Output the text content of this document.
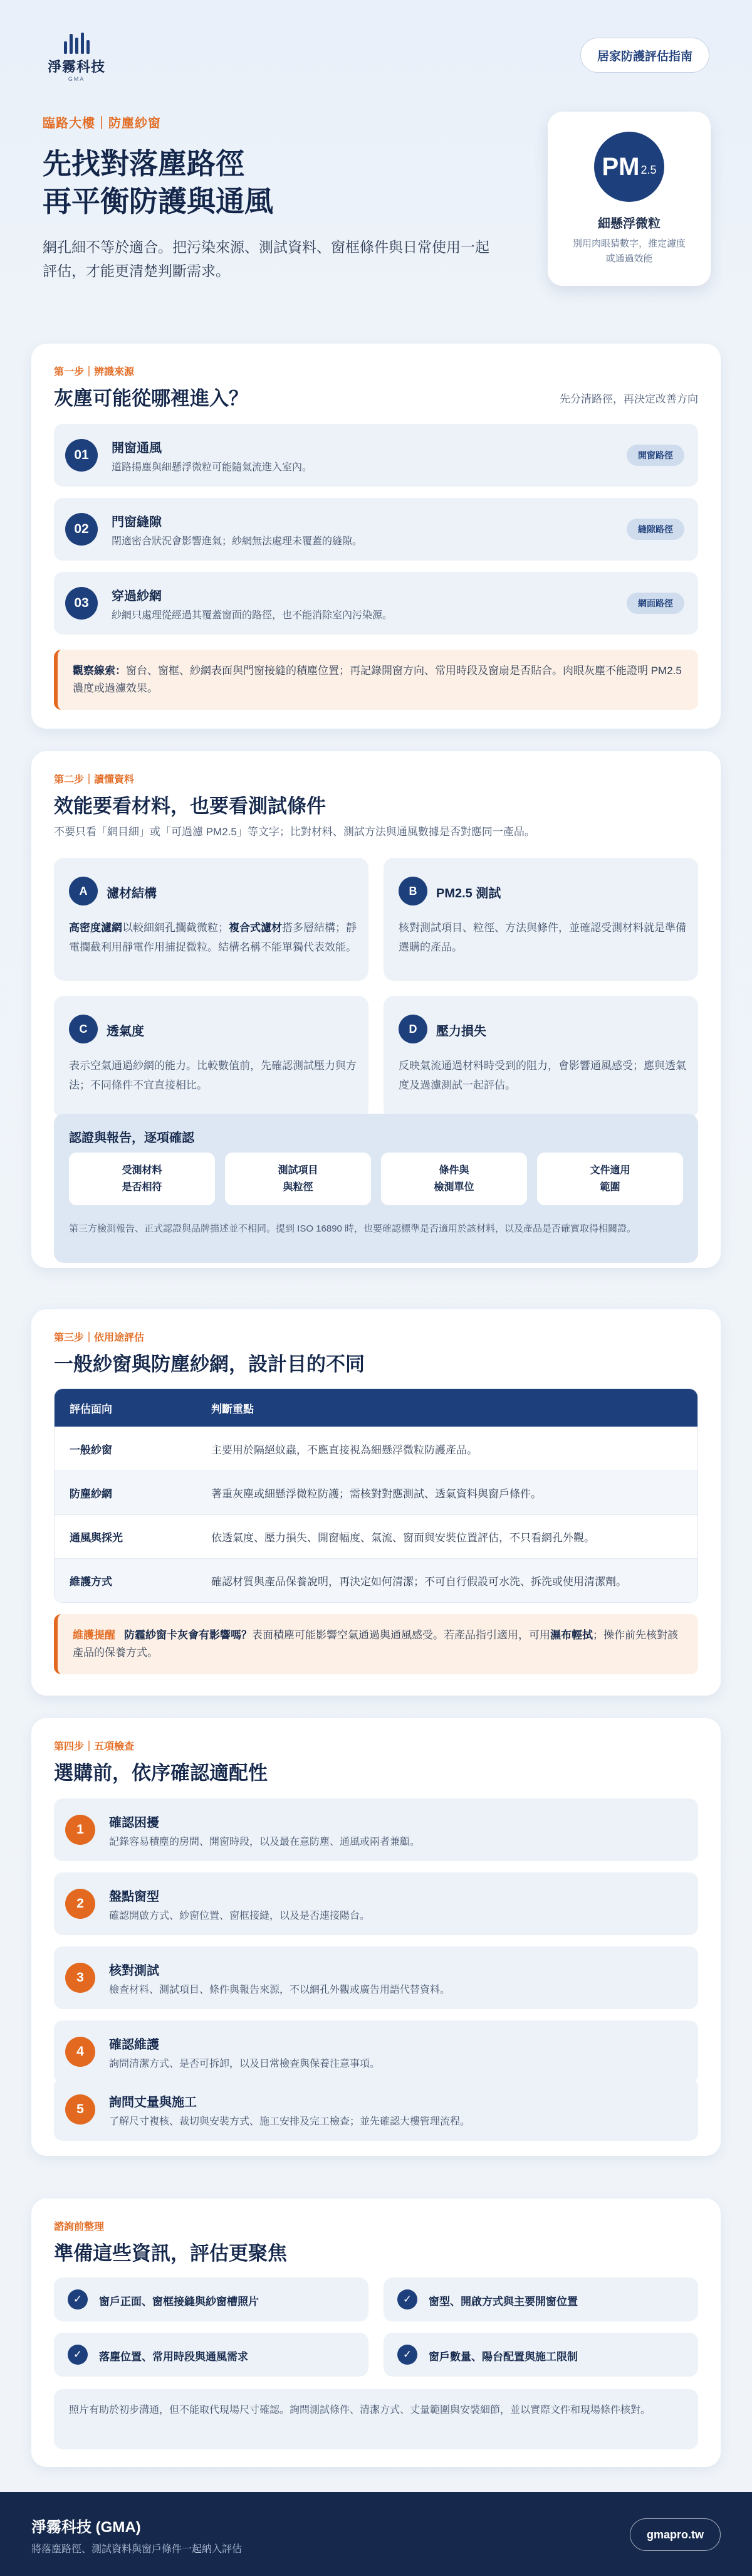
淨霧科技
GMA
居家防護評估指南
臨路大樓｜防塵紗窗
先找對落塵路徑
再平衡防護與通風

網孔細不等於適合。把污染來源、測試資料、窗框條件與日常使用一起
評估，才能更清楚判斷需求。

PM 2.5
細懸浮微粒
別用肉眼猜數字，推定濾度或通過效能
第一步｜辨識來源
灰塵可能從哪裡進入？	先分清路徑，再決定改善方向
01	開窗通風
道路揚塵與細懸浮微粒可能隨氣流進入室內。
開窗路徑
02	門窗縫隙
閉適密合狀況會影響進氣；紗網無法處理未覆蓋的縫隙。
縫隙路徑
03	穿過紗網
紗網只處理從經過其覆蓋窗面的路徑，也不能消除室內污染源。
網面路徑
觀察線索：窗台、窗框、紗網表面與門窗接縫的積塵位置；再記錄開窗方向、常用時段及窗扇是否貼合。肉眼灰塵不能證明 PM2.5 濃度或過濾效果。
第二步｜讀懂資料
效能要看材料，也要看測試條件
不要只看「網目細」或「可過濾 PM2.5」等文字；比對材料、測試方法與通風數據是否對應同一產品。
A	濾材結構
高密度濾網以較細網孔攔截微粒；複合式濾材搭多層結構；靜電攔截利用靜電作用捕捉微粒。結構名稱不能單獨代表效能。
B	PM2.5 測試
核對測試項目、粒徑、方法與條件，並確認受測材料就是準備選購的產品。
C	透氣度
表示空氣通過紗網的能力。比較數值前，先確認測試壓力與方法；不同條件不宜直接相比。
D	壓力損失
反映氣流通過材料時受到的阻力，會影響通風感受；應與透氣度及過濾測試一起評估。
認證與報告，逐項確認
受測材料
是否相符
測試項目
與粒徑
條件與
檢測單位
文件適用
範圍
第三方檢測報告、正式認證與品牌描述並不相同。提到 ISO 16890 時，也要確認標準是否適用於該材料，以及產品是否確實取得相關證。
第三步｜依用途評估
一般紗窗與防塵紗網，設計目的不同
評估面向	判斷重點
一般紗窗	主要用於隔絕蚊蟲，不應直接視為細懸浮微粒防護產品。
防塵紗網	著重灰塵或細懸浮微粒防護；需核對對應測試、透氣資料與窗戶條件。
通風與採光	依透氣度、壓力損失、開窗幅度、氣流、窗面與安裝位置評估，不只看網孔外觀。
維護方式	確認材質與產品保養說明，再決定如何清潔；不可自行假設可水洗、拆洗或使用清潔劑。
維護提醒 防霾紗窗卡灰會有影響嗎？表面積塵可能影響空氣通過與通風感受。若產品指引適用，可用濕布輕拭；操作前先核對該產品的保養方式。
第四步｜五項檢查
選購前，依序確認適配性
1	確認困擾
記錄容易積塵的房間、開窗時段，以及最在意防塵、通風或兩者兼顧。
2	盤點窗型
確認開啟方式、紗窗位置、窗框接縫，以及是否連接陽台。
3	核對測試
檢查材料、測試項目、條件與報告來源，不以網孔外觀或廣告用語代替資料。
4	確認維護
詢問清潔方式、是否可拆卸，以及日常檢查與保養注意事項。
5	詢問丈量與施工
了解尺寸複核、裁切與安裝方式、施工安排及完工檢查；並先確認大樓管理流程。
諮詢前整理
準備這些資訊，評估更聚焦
✓	窗戶正面、窗框接縫與紗窗槽照片	✓	窗型、開啟方式與主要開窗位置
✓	落塵位置、常用時段與通風需求	✓	窗戶數量、陽台配置與施工限制
照片有助於初步溝通，但不能取代現場尺寸確認。詢問測試條件、清潔方式、丈量範圍與安裝細節，並以實際文件和現場條件核對。
淨霧科技 (GMA)
將落塵路徑、測試資料與窗戶條件一起納入評估
gmapro.tw
